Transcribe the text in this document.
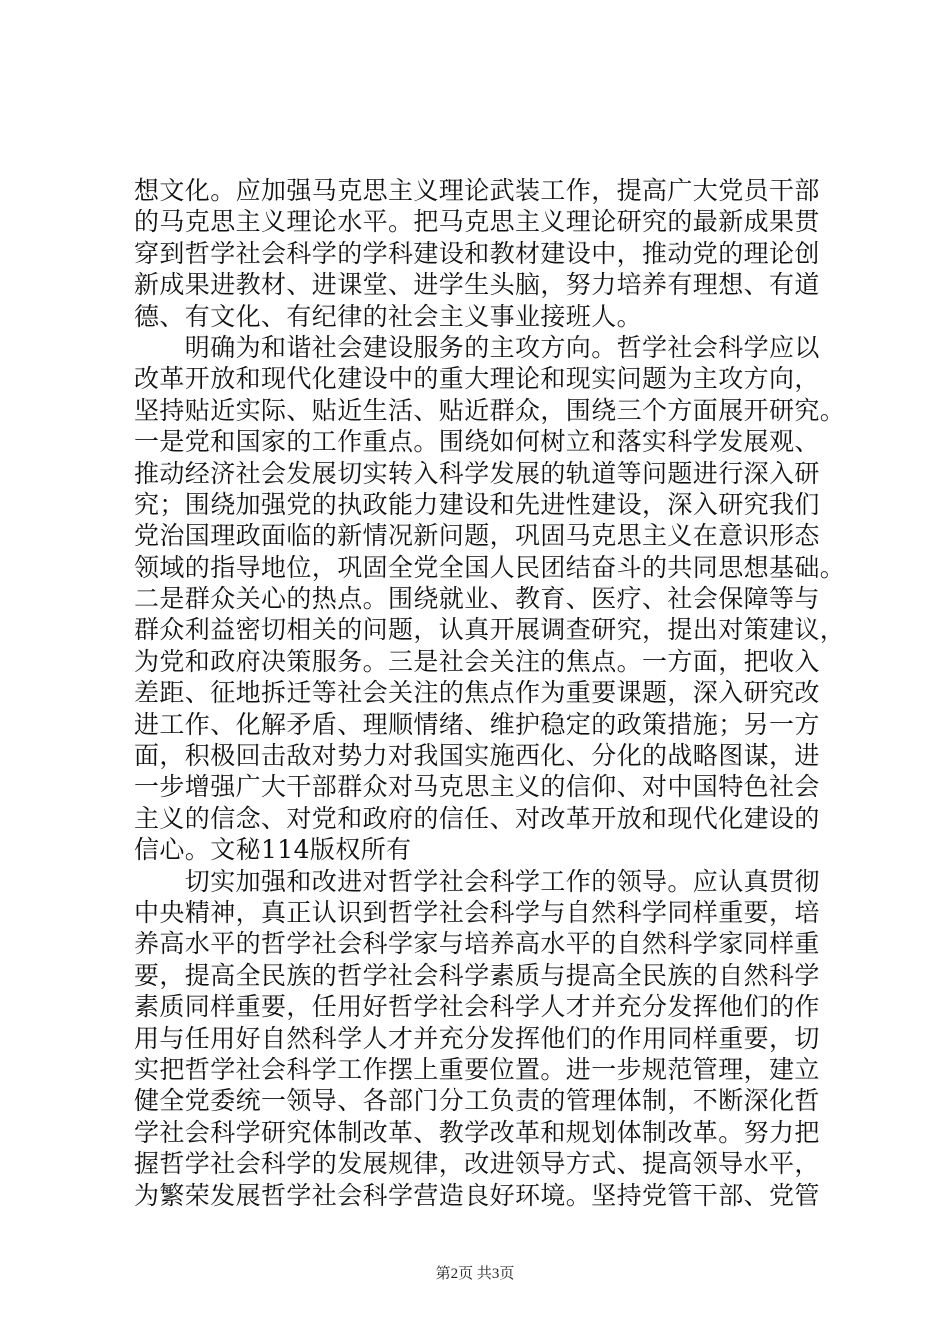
想文化。应加强马克思主义理论武装工作，提高广大党员干部
的马克思主义理论水平。把马克思主义理论研究的最新成果贯
穿到哲学社会科学的学科建设和教材建设中，推动党的理论创
新成果进教材、进课堂、进学生头脑，努力培养有理想、有道
德、有文化、有纪律的社会主义事业接班人。
　　明确为和谐社会建设服务的主攻方向。哲学社会科学应以
改革开放和现代化建设中的重大理论和现实问题为主攻方向，
坚持贴近实际、贴近生活、贴近群众，围绕三个方面展开研究。
一是党和国家的工作重点。围绕如何树立和落实科学发展观、
推动经济社会发展切实转入科学发展的轨道等问题进行深入研
究；围绕加强党的执政能力建设和先进性建设，深入研究我们
党治国理政面临的新情况新问题，巩固马克思主义在意识形态
领域的指导地位，巩固全党全国人民团结奋斗的共同思想基础。
二是群众关心的热点。围绕就业、教育、医疗、社会保障等与
群众利益密切相关的问题，认真开展调查研究，提出对策建议，
为党和政府决策服务。三是社会关注的焦点。一方面，把收入
差距、征地拆迁等社会关注的焦点作为重要课题，深入研究改
进工作、化解矛盾、理顺情绪、维护稳定的政策措施；另一方
面，积极回击敌对势力对我国实施西化、分化的战略图谋，进
一步增强广大干部群众对马克思主义的信仰、对中国特色社会
主义的信念、对党和政府的信任、对改革开放和现代化建设的
信心。文秘114版权所有
　　切实加强和改进对哲学社会科学工作的领导。应认真贯彻
中央精神，真正认识到哲学社会科学与自然科学同样重要，培
养高水平的哲学社会科学家与培养高水平的自然科学家同样重
要，提高全民族的哲学社会科学素质与提高全民族的自然科学
素质同样重要，任用好哲学社会科学人才并充分发挥他们的作
用与任用好自然科学人才并充分发挥他们的作用同样重要，切
实把哲学社会科学工作摆上重要位置。进一步规范管理，建立
健全党委统一领导、各部门分工负责的管理体制，不断深化哲
学社会科学研究体制改革、教学改革和规划体制改革。努力把
握哲学社会科学的发展规律，改进领导方式、提高领导水平，
为繁荣发展哲学社会科学营造良好环境。坚持党管干部、党管
第2页 共3页
